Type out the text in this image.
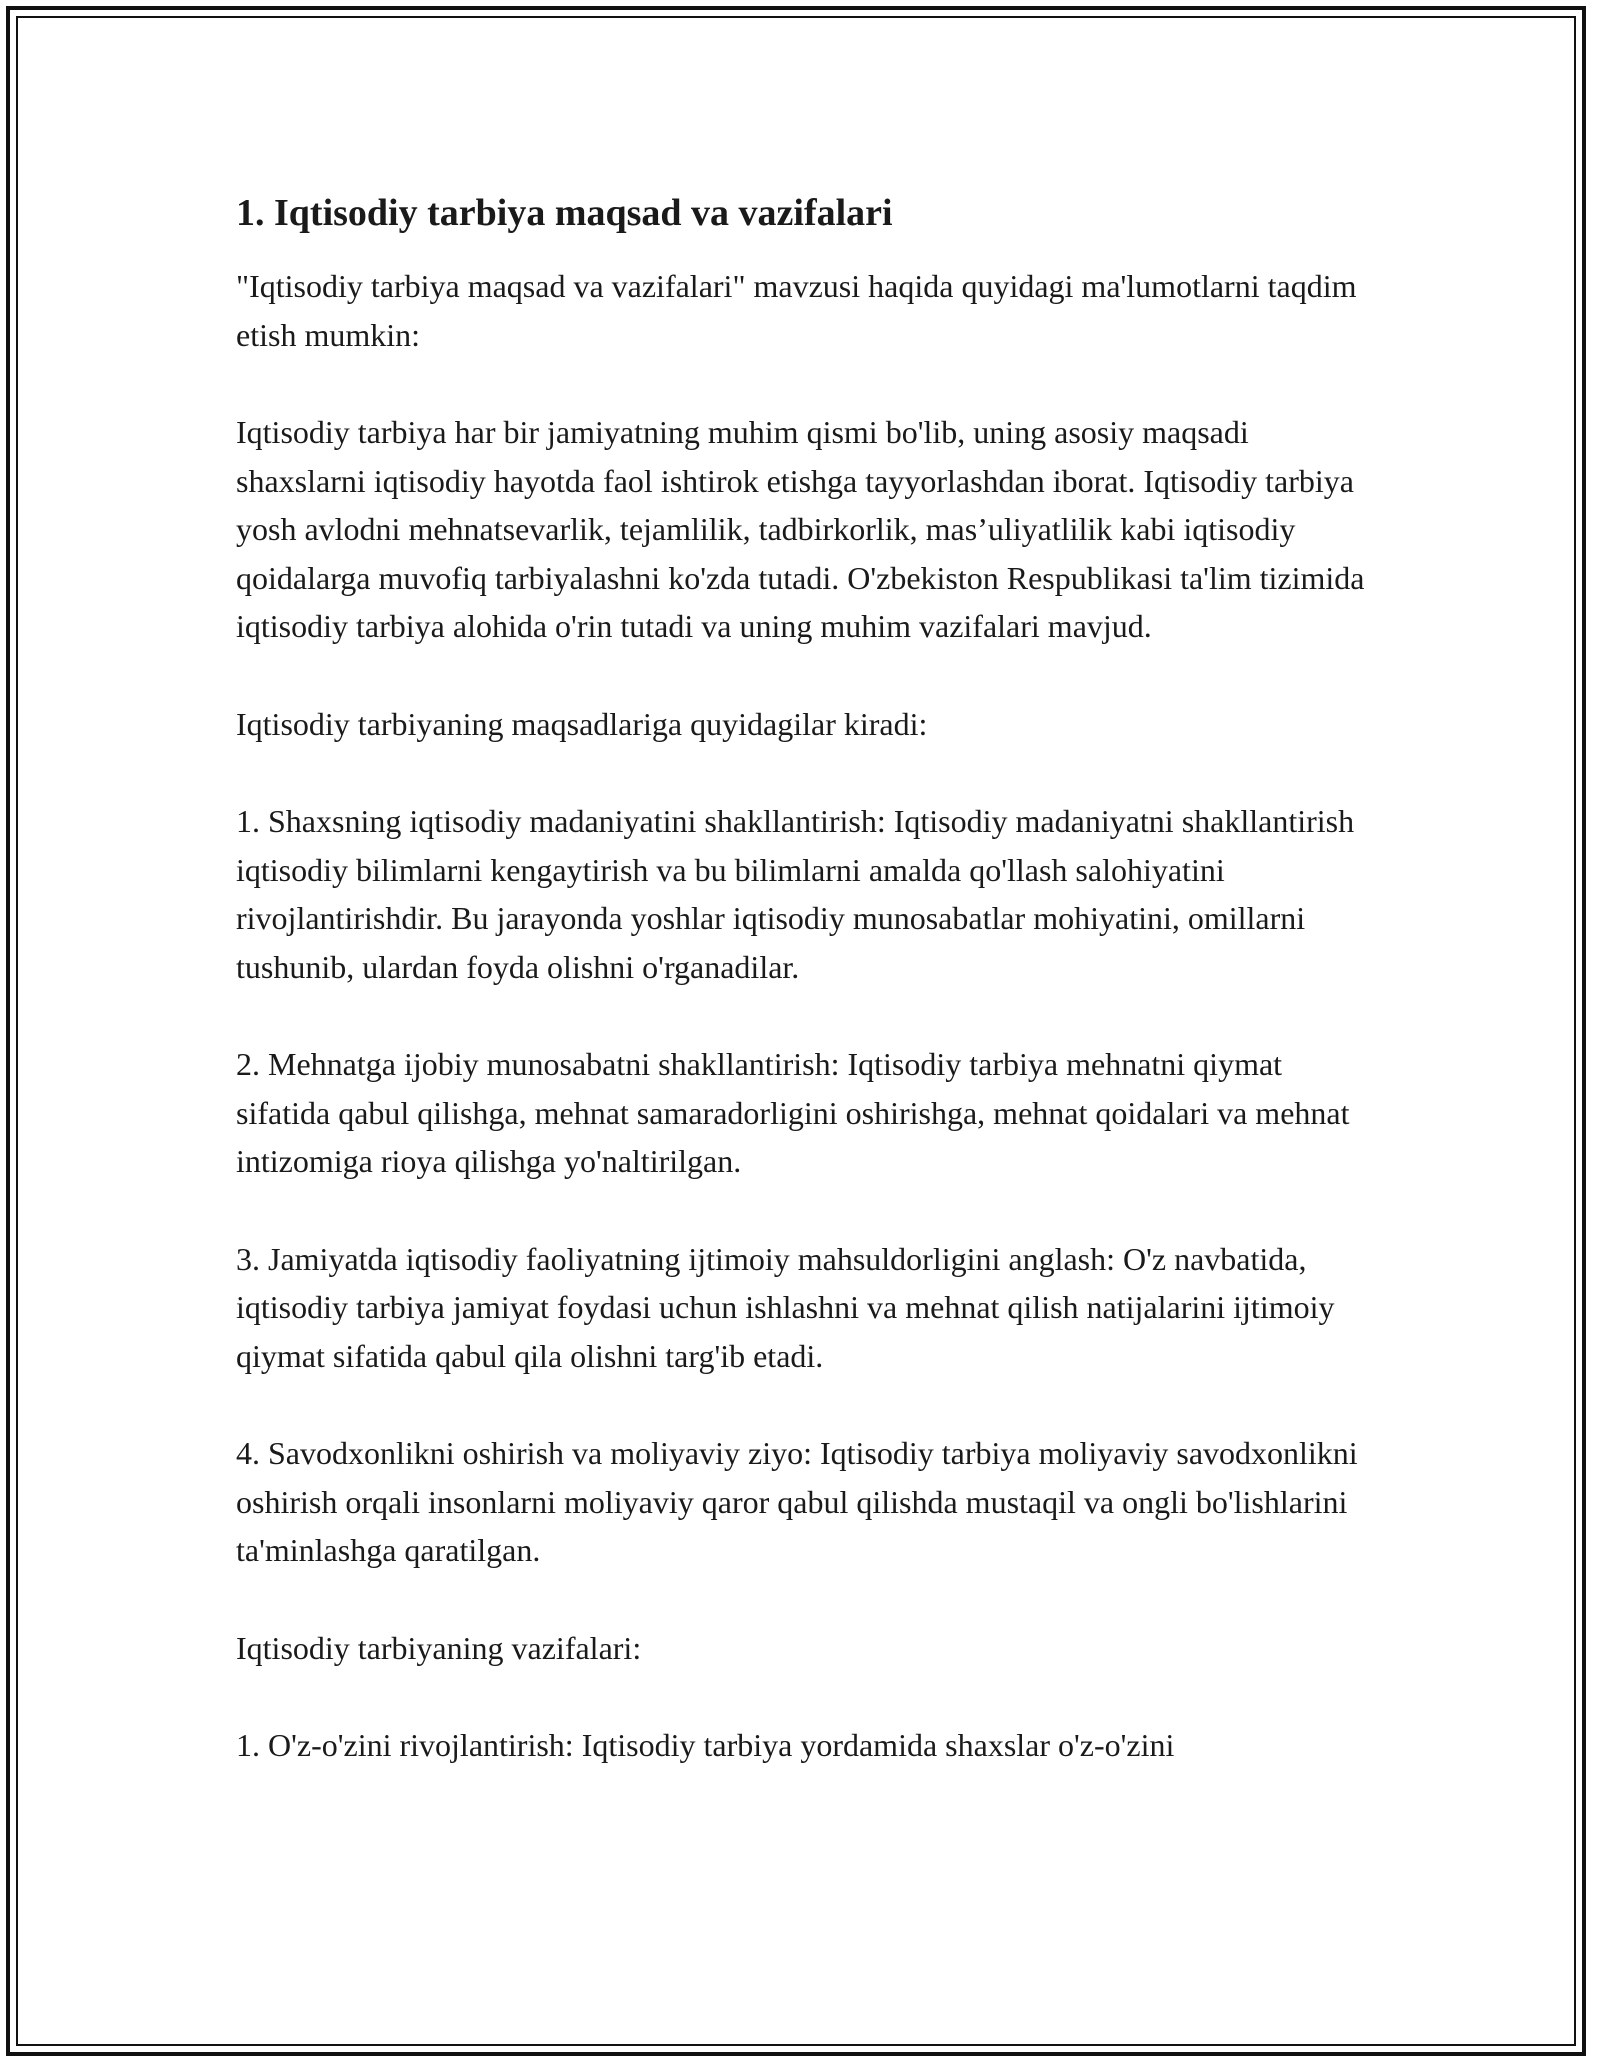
1. Iqtisodiy tarbiya maqsad va vazifalari

"Iqtisodiy tarbiya maqsad va vazifalari" mavzusi haqida quyidagi ma'lumotlarni taqdim etish mumkin:

Iqtisodiy tarbiya har bir jamiyatning muhim qismi bo'lib, uning asosiy maqsadi shaxslarni iqtisodiy hayotda faol ishtirok etishga tayyorlashdan iborat. Iqtisodiy tarbiya yosh avlodni mehnatsevarlik, tejamlilik, tadbirkorlik, mas’uliyatlilik kabi iqtisodiy qoidalarga muvofiq tarbiyalashni ko'zda tutadi. O'zbekiston Respublikasi ta'lim tizimida iqtisodiy tarbiya alohida o'rin tutadi va uning muhim vazifalari mavjud.

Iqtisodiy tarbiyaning maqsadlariga quyidagilar kiradi:

1. Shaxsning iqtisodiy madaniyatini shakllantirish: Iqtisodiy madaniyatni shakllantirish iqtisodiy bilimlarni kengaytirish va bu bilimlarni amalda qo'llash salohiyatini rivojlantirishdir. Bu jarayonda yoshlar iqtisodiy munosabatlar mohiyatini, omillarni tushunib, ulardan foyda olishni o'rganadilar.

2. Mehnatga ijobiy munosabatni shakllantirish: Iqtisodiy tarbiya mehnatni qiymat sifatida qabul qilishga, mehnat samaradorligini oshirishga, mehnat qoidalari va mehnat intizomiga rioya qilishga yo'naltirilgan.

3. Jamiyatda iqtisodiy faoliyatning ijtimoiy mahsuldorligini anglash: O'z navbatida, iqtisodiy tarbiya jamiyat foydasi uchun ishlashni va mehnat qilish natijalarini ijtimoiy qiymat sifatida qabul qila olishni targ'ib etadi.

4. Savodxonlikni oshirish va moliyaviy ziyo: Iqtisodiy tarbiya moliyaviy savodxonlikni oshirish orqali insonlarni moliyaviy qaror qabul qilishda mustaqil va ongli bo'lishlarini ta'minlashga qaratilgan.

Iqtisodiy tarbiyaning vazifalari:

1. O'z-o'zini rivojlantirish: Iqtisodiy tarbiya yordamida shaxslar o'z-o'zini
